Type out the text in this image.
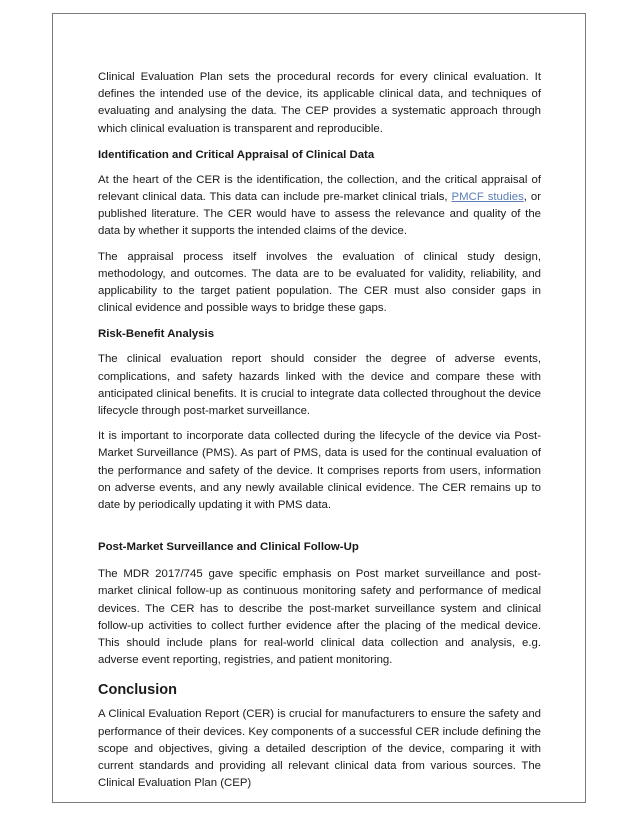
Clinical Evaluation Plan sets the procedural records for every clinical evaluation. It defines the intended use of the device, its applicable clinical data, and techniques of evaluating and analysing the data. The CEP provides a systematic approach through which clinical evaluation is transparent and reproducible.

Identification and Critical Appraisal of Clinical Data

At the heart of the CER is the identification, the collection, and the critical appraisal of relevant clinical data. This data can include pre-market clinical trials, PMCF studies, or published literature. The CER would have to assess the relevance and quality of the data by whether it supports the intended claims of the device.

The appraisal process itself involves the evaluation of clinical study design, methodology, and outcomes. The data are to be evaluated for validity, reliability, and applicability to the target patient population. The CER must also consider gaps in clinical evidence and possible ways to bridge these gaps.

Risk-Benefit Analysis

The clinical evaluation report should consider the degree of adverse events, complications, and safety hazards linked with the device and compare these with anticipated clinical benefits. It is crucial to integrate data collected throughout the device lifecycle through post-market surveillance.

It is important to incorporate data collected during the lifecycle of the device via Post-Market Surveillance (PMS). As part of PMS, data is used for the continual evaluation of the performance and safety of the device. It comprises reports from users, information on adverse events, and any newly available clinical evidence. The CER remains up to date by periodically updating it with PMS data.

Post-Market Surveillance and Clinical Follow-Up

The MDR 2017/745 gave specific emphasis on Post market surveillance and post-market clinical follow-up as continuous monitoring safety and performance of medical devices. The CER has to describe the post-market surveillance system and clinical follow-up activities to collect further evidence after the placing of the medical device. This should include plans for real-world clinical data collection and analysis, e.g. adverse event reporting, registries, and patient monitoring.

Conclusion

A Clinical Evaluation Report (CER) is crucial for manufacturers to ensure the safety and performance of their devices. Key components of a successful CER include defining the scope and objectives, giving a detailed description of the device, comparing it with current standards and providing all relevant clinical data from various sources. The Clinical Evaluation Plan (CEP)
